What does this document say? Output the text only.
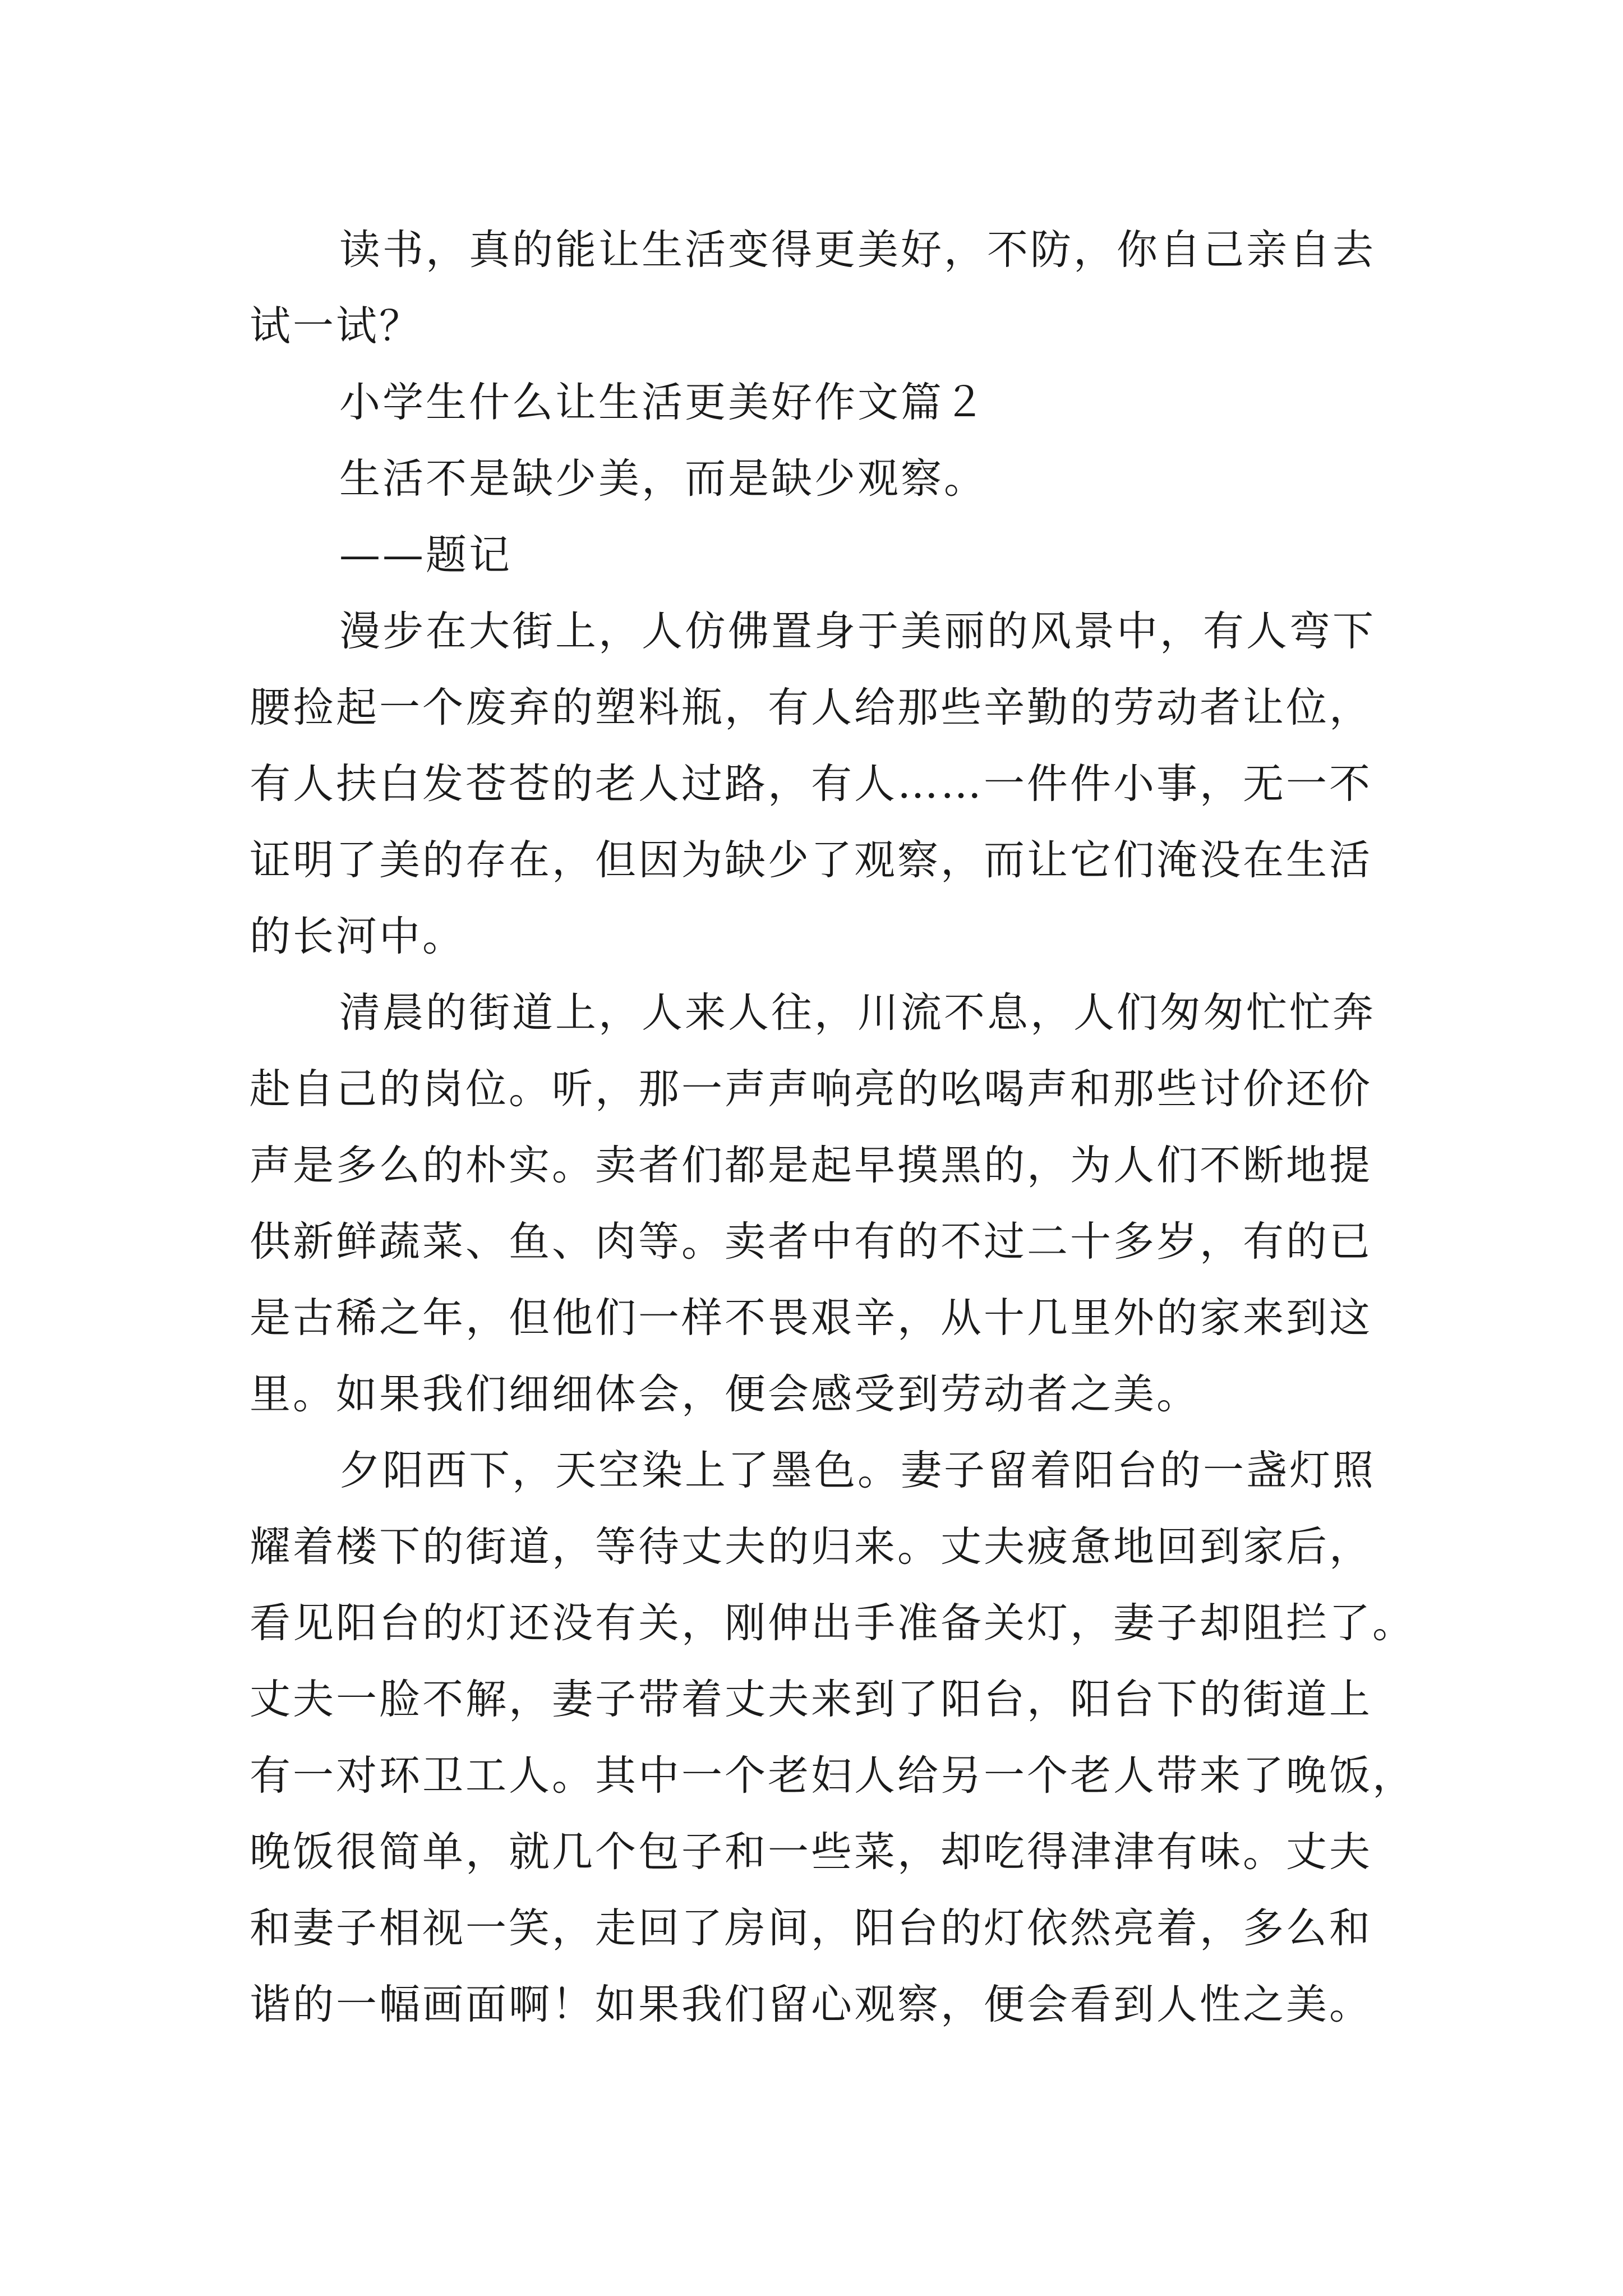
读书，真的能让生活变得更美好，不防，你自己亲自去
试一试？
小学生什么让生活更美好作文篇２
生活不是缺少美，而是缺少观察。
——题记
漫步在大街上，人仿佛置身于美丽的风景中，有人弯下
腰捡起一个废弃的塑料瓶，有人给那些辛勤的劳动者让位，
有人扶白发苍苍的老人过路，有人……一件件小事，无一不
证明了美的存在，但因为缺少了观察，而让它们淹没在生活
的长河中。
清晨的街道上，人来人往，川流不息，人们匆匆忙忙奔
赴自己的岗位。听，那一声声响亮的吆喝声和那些讨价还价
声是多么的朴实。卖者们都是起早摸黑的，为人们不断地提
供新鲜蔬菜、鱼、肉等。卖者中有的不过二十多岁，有的已
是古稀之年，但他们一样不畏艰辛，从十几里外的家来到这
里。如果我们细细体会，便会感受到劳动者之美。
夕阳西下，天空染上了墨色。妻子留着阳台的一盏灯照
耀着楼下的街道，等待丈夫的归来。丈夫疲惫地回到家后，
看见阳台的灯还没有关，刚伸出手准备关灯，妻子却阻拦了。
丈夫一脸不解，妻子带着丈夫来到了阳台，阳台下的街道上
有一对环卫工人。其中一个老妇人给另一个老人带来了晚饭，
晚饭很简单，就几个包子和一些菜，却吃得津津有味。丈夫
和妻子相视一笑，走回了房间，阳台的灯依然亮着，多么和
谐的一幅画面啊！如果我们留心观察，便会看到人性之美。
